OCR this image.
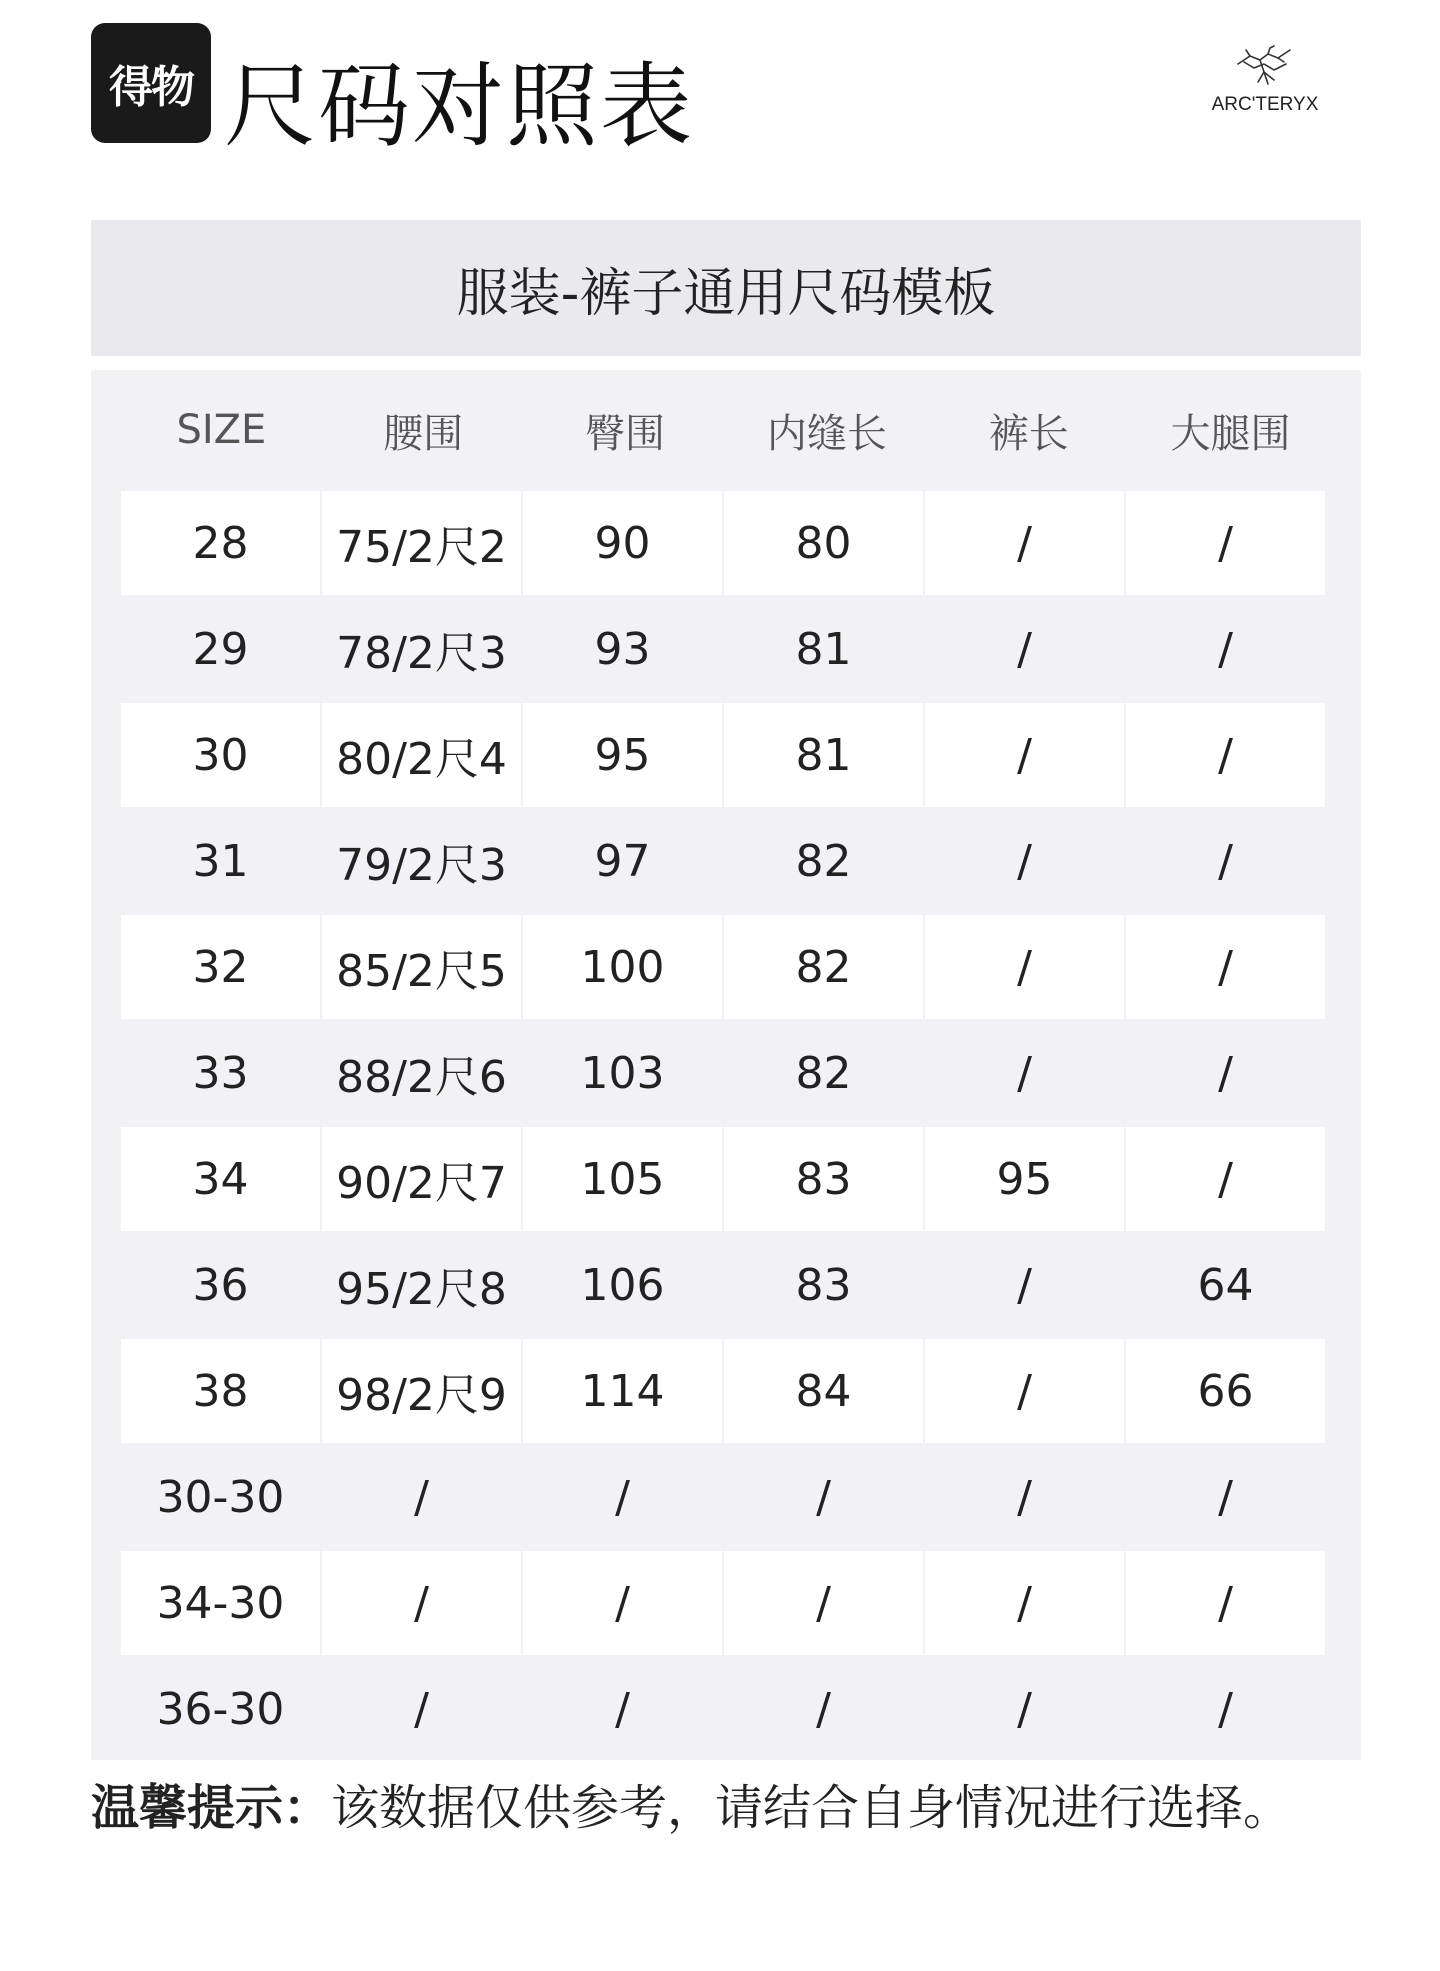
得物 尺码对照表	ARC'TERYX
服装-裤子通用尺码模板
SIZE	腰围	臀围	内缝长	裤长	大腿围
28	75/2尺2	90	80	/	/
29	78/2尺3	93	81	/	/
30	80/2尺4	95	81	/	/
31	79/2尺3	97	82	/	/
32	85/2尺5	100	82	/	/
33	88/2尺6	103	82	/	/
34	90/2尺7	105	83	95	/
36	95/2尺8	106	83	/	64
38	98/2尺9	114	84	/	66
30-30	/	/	/	/	/
34-30	/	/	/	/	/
36-30	/	/	/	/	/
温馨提示：该数据仅供参考，请结合自身情况进行选择。
